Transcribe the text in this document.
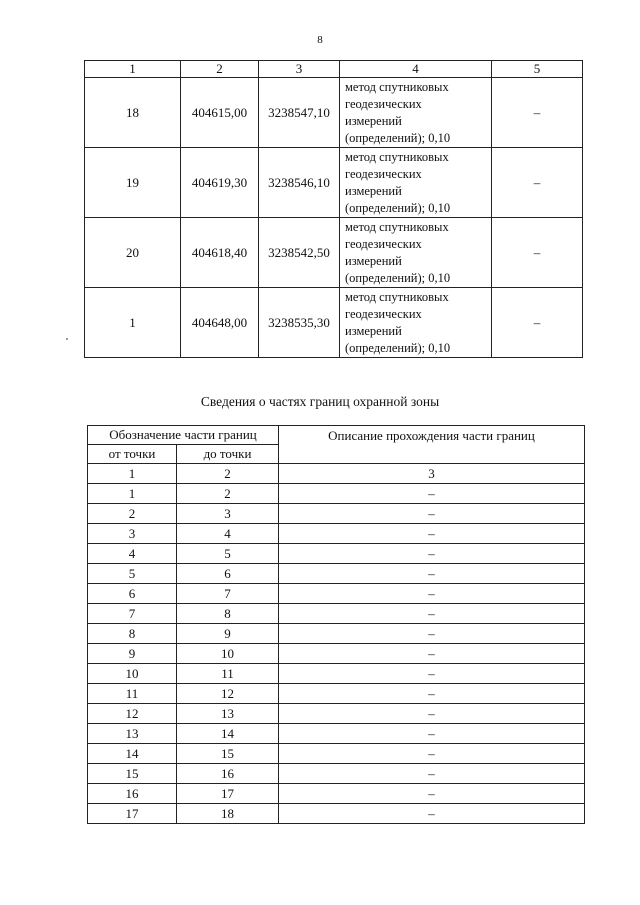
8
1	2	3	4	5
18	404615,00	3238547,10	метод спутниковых
геодезических
измерений
(определений); 0,10	–
19	404619,30	3238546,10	метод спутниковых
геодезических
измерений
(определений); 0,10	–
20	404618,40	3238542,50	метод спутниковых
геодезических
измерений
(определений); 0,10	–
1	404648,00	3238535,30	метод спутниковых
геодезических
измерений
(определений); 0,10	–
Сведения о частях границ охранной зоны
Обозначение части границ		Описание прохождения части границ
от точки	до точки	
1	2	3
1	2	–
2	3	–
3	4	–
4	5	–
5	6	–
6	7	–
7	8	–
8	9	–
9	10	–
10	11	–
11	12	–
12	13	–
13	14	–
14	15	–
15	16	–
16	17	–
17	18	–
